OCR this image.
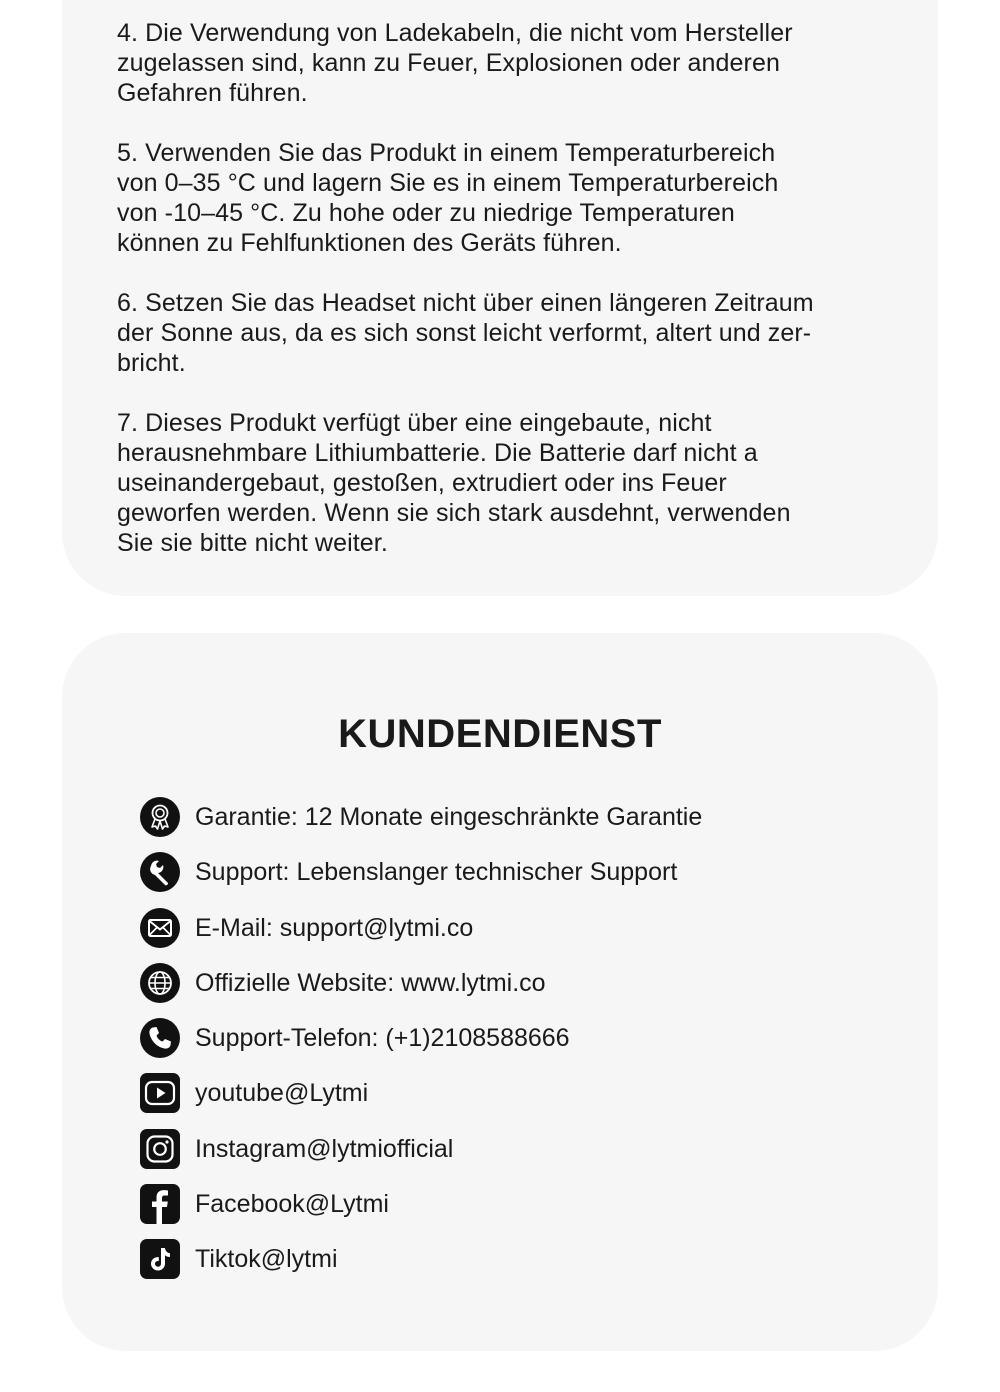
4. Die Verwendung von Ladekabeln, die nicht vom Hersteller
zugelassen sind, kann zu Feuer, Explosionen oder anderen
Gefahren führen.

5. Verwenden Sie das Produkt in einem Temperaturbereich
von 0–35 °C und lagern Sie es in einem Temperaturbereich
von -10–45 °C. Zu hohe oder zu niedrige Temperaturen
können zu Fehlfunktionen des Geräts führen.

6. Setzen Sie das Headset nicht über einen längeren Zeitraum
der Sonne aus, da es sich sonst leicht verformt, altert und zer-
bricht.

7. Dieses Produkt verfügt über eine eingebaute, nicht
herausnehmbare Lithiumbatterie. Die Batterie darf nicht a
useinandergebaut, gestoßen, extrudiert oder ins Feuer
geworfen werden. Wenn sie sich stark ausdehnt, verwenden
Sie sie bitte nicht weiter.

KUNDENDIENST
Garantie: 12 Monate eingeschränkte Garantie
Support: Lebenslanger technischer Support
E-Mail: support@lytmi.co
Offizielle Website: www.lytmi.co
Support-Telefon: (+1)2108588666
youtube@Lytmi
Instagram@lytmiofficial
Facebook@Lytmi
Tiktok@lytmi
